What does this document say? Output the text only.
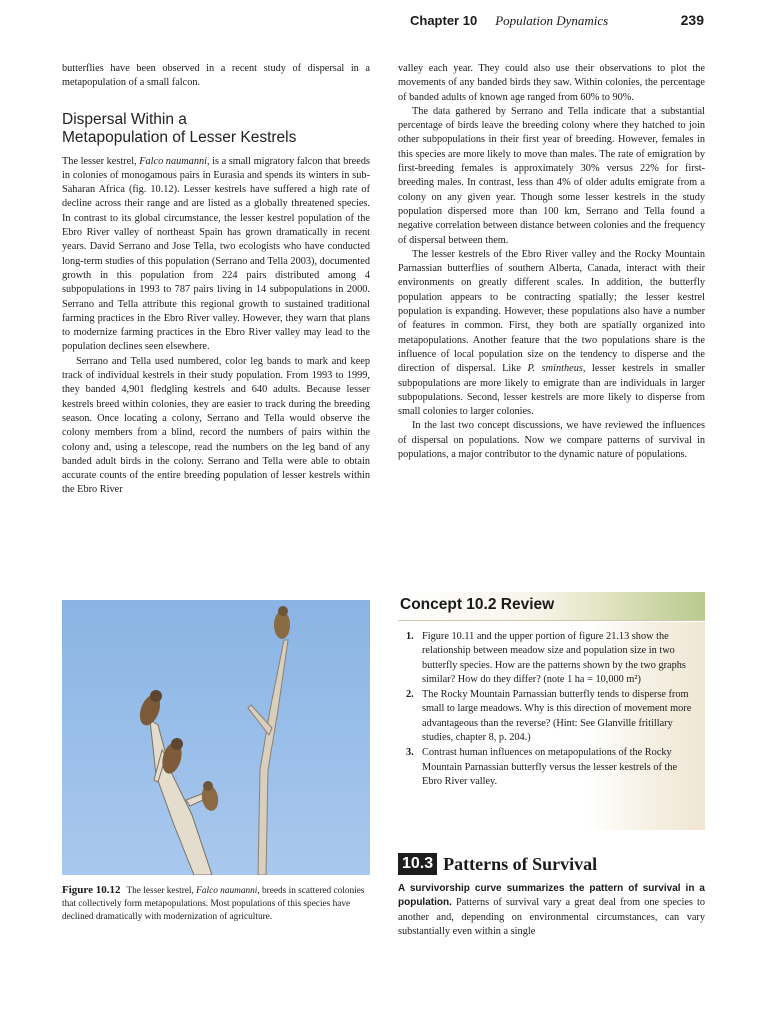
Chapter 10 Population Dynamics	239

butterflies have been observed in a recent study of dispersal in a metapopulation of a small falcon.

Dispersal Within a
Metapopulation of Lesser Kestrels

The lesser kestrel, Falco naumanni, is a small migratory falcon that breeds in colonies of monogamous pairs in Eurasia and spends its winters in sub-Saharan Africa (fig. 10.12). Lesser kestrels have suffered a high rate of decline across their range and are listed as a globally threatened species. In contrast to its global circumstance, the lesser kestrel population of the Ebro River valley of northeast Spain has grown dramatically in recent years. David Serrano and Jose Tella, two ecologists who have conducted long-term studies of this population (Serrano and Tella 2003), documented growth in this population from 224 pairs distributed among 4 subpopulations in 1993 to 787 pairs living in 14 subpopulations in 2000. Serrano and Tella attribute this regional growth to sustained traditional farming practices in the Ebro River valley. However, they warn that plans to modernize farming practices in the Ebro River valley may lead to the population declines seen elsewhere.

Serrano and Tella used numbered, color leg bands to mark and keep track of individual kestrels in their study population. From 1993 to 1999, they banded 4,901 fledgling kestrels and 640 adults. Because lesser kestrels breed within colonies, they are easier to track during the breeding season. Once locating a colony, Serrano and Tella would observe the colony members from a blind, record the numbers of pairs within the colony and, using a telescope, read the numbers on the leg band of any banded adult birds in the colony. Serrano and Tella were able to obtain accurate counts of the entire breeding population of lesser kestrels within the Ebro River

Figure 10.12 The lesser kestrel, Falco naumanni, breeds in scattered colonies that collectively form metapopulations. Most populations of this species have declined dramatically with modernization of agriculture.

valley each year. They could also use their observations to plot the movements of any banded birds they saw. Within colonies, the percentage of banded adults of known age ranged from 60% to 90%.

The data gathered by Serrano and Tella indicate that a substantial percentage of birds leave the breeding colony where they hatched to join other subpopulations in their first year of breeding. However, females in this species are more likely to move than males. The rate of emigration by first-breeding females is approximately 30% versus 22% for first-breeding males. In contrast, less than 4% of older adults emigrate from a colony on any given year. Though some lesser kestrels in the study population dispersed more than 100 km, Serrano and Tella found a negative correlation between distance between colonies and the frequency of dispersal between them.

The lesser kestrels of the Ebro River valley and the Rocky Mountain Parnassian butterflies of southern Alberta, Canada, interact with their environments on greatly different scales. In addition, the butterfly population appears to be contracting spatially; the lesser kestrel population is expanding. However, these populations also have a number of features in common. First, they both are spatially organized into metapopulations. Another feature that the two populations share is the influence of local population size on the tendency to disperse and the direction of dispersal. Like P. smintheus, lesser kestrels in smaller subpopulations are more likely to emigrate than are individuals in larger subpopulations. Second, lesser kestrels are more likely to disperse from small colonies to larger colonies.

In the last two concept discussions, we have reviewed the influences of dispersal on populations. Now we compare patterns of survival in populations, a major contributor to the dynamic nature of populations.

Concept 10.2 Review
1. Figure 10.11 and the upper portion of figure 21.13 show the relationship between meadow size and population size in two butterfly species. How are the patterns shown by the two graphs similar? How do they differ? (note 1 ha = 10,000 m²)
2. The Rocky Mountain Parnassian butterfly tends to disperse from small to large meadows. Why is this direction of movement more advantageous than the reverse? (Hint: See Glanville fritillary studies, chapter 8, p. 204.)
3. Contrast human influences on metapopulations of the Rocky Mountain Parnassian butterfly versus the lesser kestrels of the Ebro River valley.
10.3 Patterns of Survival

A survivorship curve summarizes the pattern of survival in a population. Patterns of survival vary a great deal from one species to another and, depending on environmental circumstances, can vary substantially even within a single
